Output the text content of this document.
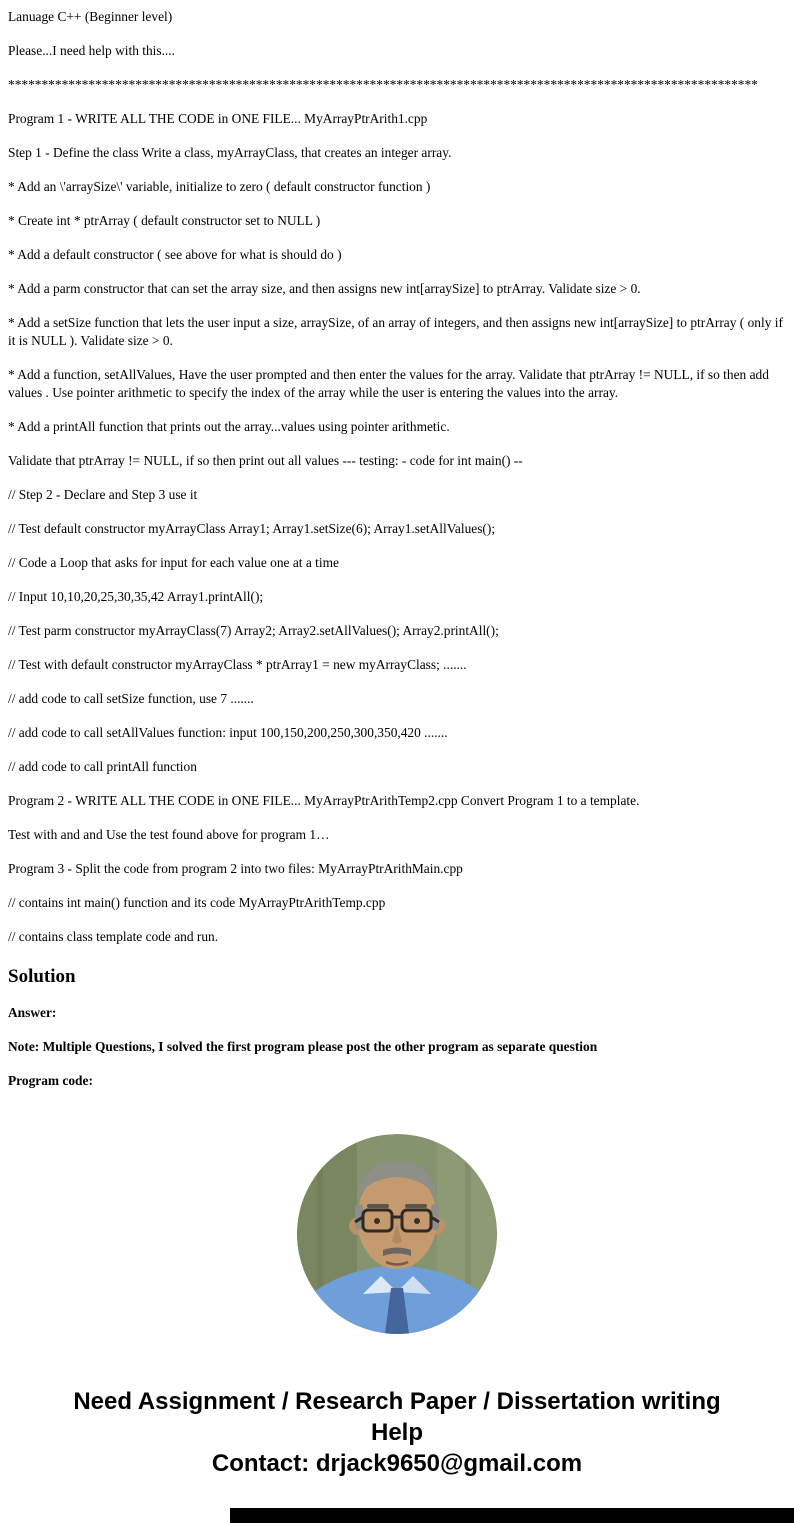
Lanuage C++ (Beginner level)

Please...I need help with this....

****************************************************************************************************************

Program 1 - WRITE ALL THE CODE in ONE FILE... MyArrayPtrArith1.cpp

Step 1 - Define the class Write a class, myArrayClass, that creates an integer array.

* Add an \'arraySize\' variable, initialize to zero ( default constructor function )

* Create int * ptrArray ( default constructor set to NULL )

* Add a default constructor ( see above for what is should do )

* Add a parm constructor that can set the array size, and then assigns new int[arraySize] to ptrArray. Validate size > 0.

* Add a setSize function that lets the user input a size, arraySize, of an array of integers, and then assigns new int[arraySize] to ptrArray ( only if it is NULL ). Validate size > 0.

* Add a function, setAllValues, Have the user prompted and then enter the values for the array. Validate that ptrArray != NULL, if so then add values . Use pointer arithmetic to specify the index of the array while the user is entering the values into the array.

* Add a printAll function that prints out the array...values using pointer arithmetic.

Validate that ptrArray != NULL, if so then print out all values --- testing: - code for int main() --

// Step 2 - Declare and Step 3 use it

// Test default constructor myArrayClass Array1; Array1.setSize(6); Array1.setAllValues();

// Code a Loop that asks for input for each value one at a time

// Input 10,10,20,25,30,35,42 Array1.printAll();

// Test parm constructor myArrayClass(7) Array2; Array2.setAllValues(); Array2.printAll();

// Test with default constructor myArrayClass * ptrArray1 = new myArrayClass; .......

// add code to call setSize function, use 7 .......

// add code to call setAllValues function: input 100,150,200,250,300,350,420 .......

// add code to call printAll function

Program 2 - WRITE ALL THE CODE in ONE FILE... MyArrayPtrArithTemp2.cpp Convert Program 1 to a template.

Test with and and Use the test found above for program 1…

Program 3 - Split the code from program 2 into two files: MyArrayPtrArithMain.cpp

// contains int main() function and its code MyArrayPtrArithTemp.cpp

// contains class template code and run.

Solution

Answer:

Note: Multiple Questions, I solved the first program please post the other program as separate question

Program code:

Need Assignment / Research Paper / Dissertation writing Help
Contact: drjack9650@gmail.com
